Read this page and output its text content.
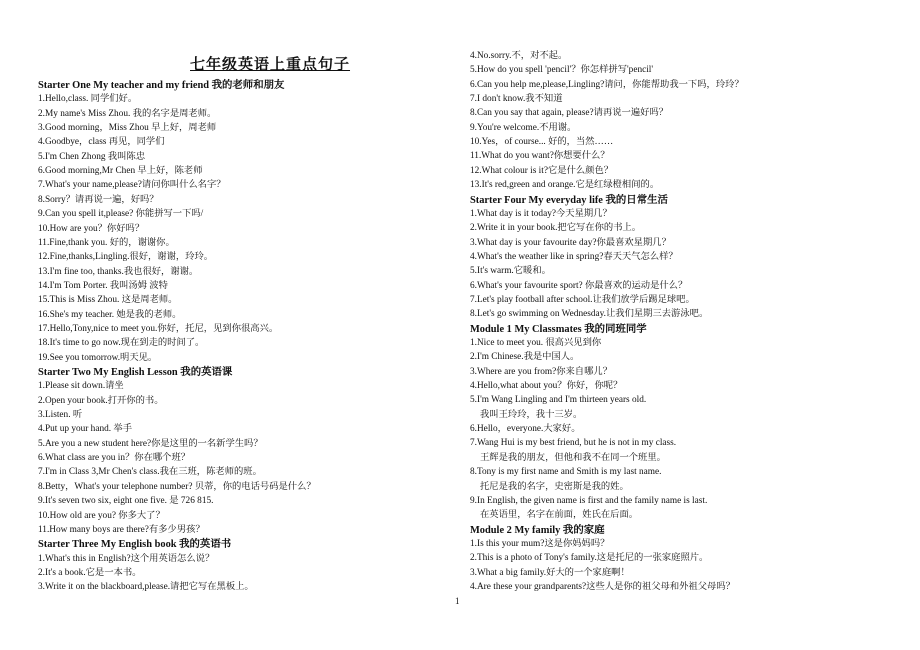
七年级英语上重点句子
Starter One My teacher and my friend 我的老师和朋友
1.Hello,class. 同学们好。
2.My name's Miss Zhou. 我的名字是周老师。
3.Good morning，Miss Zhou 早上好，周老师
4.Goodbye，class 再见，同学们
5.I'm Chen Zhong 我叫陈忠
6.Good morning,Mr Chen 早上好，陈老师
7.What's your name,please?请问你叫什么名字？
8.Sorry？请再说一遍，好吗？
9.Can you spell it,please? 你能拼写一下吗/
10.How are you？你好吗？
11.Fine,thank you. 好的，谢谢你。
12.Fine,thanks,Lingling.很好，谢谢，玲玲。
13.I'm fine too, thanks.我也很好，谢谢。
14.I'm Tom Porter. 我叫汤姆 波特
15.This is Miss Zhou. 这是周老师。
16.She's my teacher. 她是我的老师。
17.Hello,Tony,nice to meet you.你好，托尼，见到你很高兴。
18.It's time to go now.现在到走的时间了。
19.See you tomorrow.明天见。
Starter Two My English Lesson 我的英语课
1.Please sit down.请坐
2.Open your book.打开你的书。
3.Listen. 听
4.Put up your hand. 举手
5.Are you a new student here?你是这里的一名新学生吗？
6.What class are you in？你在哪个班？
7.I'm in Class 3,Mr Chen's class.我在三班，陈老师的班。
8.Betty，What's your telephone number? 贝蒂，你的电话号码是什么？
9.It's seven two six, eight one five. 是 726 815.
10.How old are you? 你多大了？
11.How many boys are there?有多少男孩？
Starter Three My English book 我的英语书
1.What's this in English?这个用英语怎么说？
2.It's a book.它是一本书。
3.Write it on the blackboard,please.请把它写在黑板上。
4.No.sorry.不，对不起。
5.How do you spell 'pencil'？你怎样拼写'pencil'
6.Can you help me,please,Lingling?请问，你能帮助我一下吗，玲玲？
7.I don't know.我不知道
8.Can you say that again, please?请再说一遍好吗？
9.You're welcome.不用谢。
10.Yes，of course... 好的，当然……
11.What do you want?你想要什么？
12.What colour is it?它是什么颜色？
13.It's red,green and orange.它是红绿橙相间的。
Starter Four My everyday life 我的日常生活
1.What day is it today?今天星期几？
2.Write it in your book.把它写在你的书上。
3.What day is your favourite day?你最喜欢星期几？
4.What's the weather like in spring?春天天气怎么样？
5.It's warm.它暖和。
6.What's your favourite sport? 你最喜欢的运动是什么？
7.Let's play football after school.让我们放学后踢足球吧。
8.Let's go swimming on Wednesday.让我们星期三去游泳吧。
Module 1 My Classmates 我的同班同学
1.Nice to meet you. 很高兴见到你
2.I'm Chinese.我是中国人。
3.Where are you from?你来自哪儿？
4.Hello,what about you？你好，你呢？
5.I'm Wang Lingling and I'm thirteen years old.
我叫王玲玲，我十三岁。
6.Hello，everyone.大家好。
7.Wang Hui is my best friend, but he is not in my class.
王辉是我的朋友，但他和我不在同一个班里。
8.Tony is my first name and Smith is my last name.
托尼是我的名字，史密斯是我的姓。
9.In English, the given name is first and the family name is last.
在英语里，名字在前面，姓氏在后面。
Module 2 My family 我的家庭
1.Is this your mum?这是你妈妈吗？
2.This is a photo of Tony's family.这是托尼的一张家庭照片。
3.What a big family.好大的一个家庭啊！
4.Are these your grandparents?这些人是你的祖父母和外祖父母吗？
1
